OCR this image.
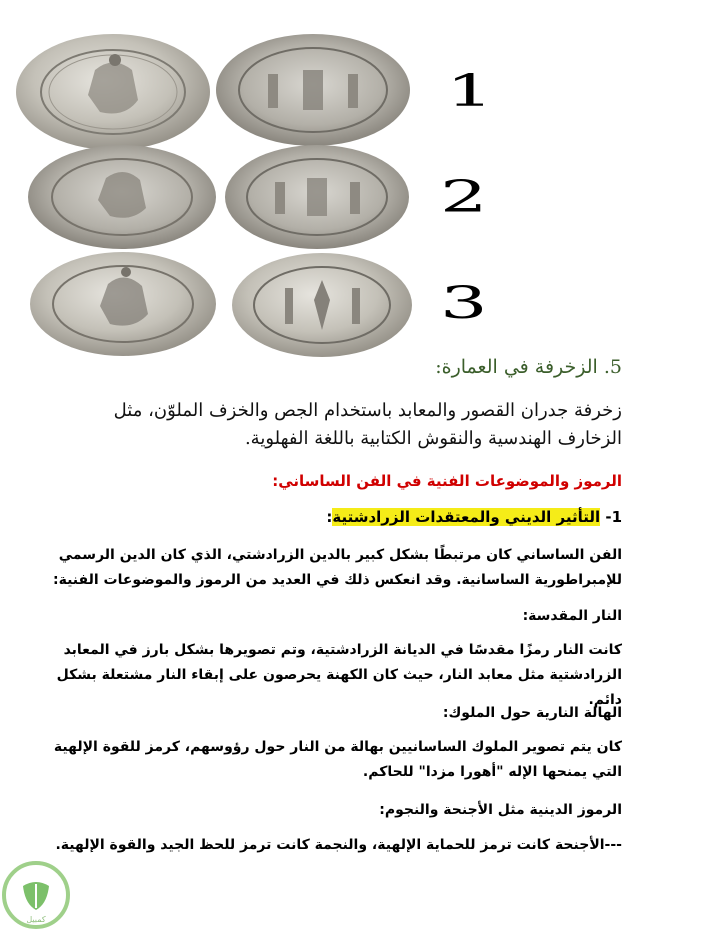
1
2
3
5. الزخرفة في العمارة:
زخرفة جدران القصور والمعابد باستخدام الجص والخزف الملوّن، مثل الزخارف الهندسية والنقوش الكتابية باللغة الفهلوية.
الرموز والموضوعات الفنية في الفن الساساني:
1- التأثير الديني والمعتقدات الزرادشتية:
الفن الساساني كان مرتبطًا بشكل كبير بالدين الزرادشتي، الذي كان الدين الرسمي للإمبراطورية الساسانية. وقد انعكس ذلك في العديد من الرموز والموضوعات الفنية:
النار المقدسة:
كانت النار رمزًا مقدسًا في الديانة الزرادشتية، وتم تصويرها بشكل بارز في المعابد الزرادشتية مثل معابد النار، حيث كان الكهنة يحرصون على إبقاء النار مشتعلة بشكل دائم.
الهالة النارية حول الملوك:
كان يتم تصوير الملوك الساسانيين بهالة من النار حول رؤوسهم، كرمز للقوة الإلهية التي يمنحها الإله "أهورا مزدا" للحاكم.
الرموز الدينية مثل الأجنحة والنجوم:
---الأجنحة كانت ترمز للحماية الإلهية، والنجمة كانت ترمز للحظ الجيد والقوة الإلهية.
كمبيل
